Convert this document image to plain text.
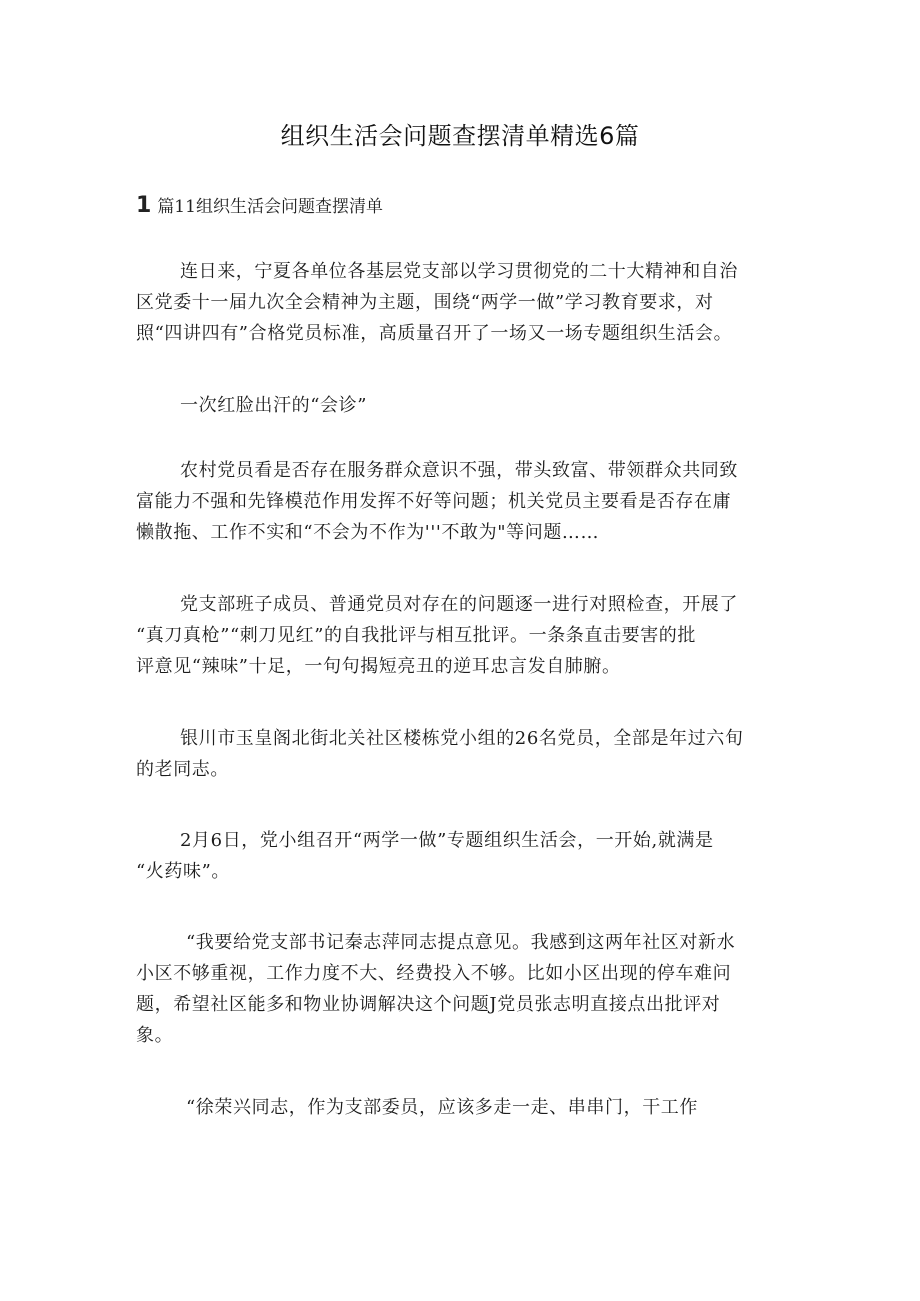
组织生活会问题查摆清单精选6篇
1 篇11组织生活会问题查摆清单

连日来，宁夏各单位各基层党支部以学习贯彻党的二十大精神和自治
区党委十一届九次全会精神为主题，围绕“两学一做”学习教育要求，对
照“四讲四有”合格党员标准，高质量召开了一场又一场专题组织生活会。

一次红脸出汗的“会诊”

农村党员看是否存在服务群众意识不强，带头致富、带领群众共同致
富能力不强和先锋模范作用发挥不好等问题；机关党员主要看是否存在庸
懒散拖、工作不实和“不会为不作为'''不敢为"等问题……

党支部班子成员、普通党员对存在的问题逐一进行对照检查，开展了
“真刀真枪”“刺刀见红”的自我批评与相互批评。一条条直击要害的批
评意见“辣味”十足，一句句揭短亮丑的逆耳忠言发自肺腑。

银川市玉皇阁北街北关社区楼栋党小组的26名党员，全部是年过六旬
的老同志。

2月6日，党小组召开“两学一做”专题组织生活会，一开始,就满是
“火药味”。

“我要给党支部书记秦志萍同志提点意见。我感到这两年社区对新水
小区不够重视，工作力度不大、经费投入不够。比如小区出现的停车难问
题，希望社区能多和物业协调解决这个问题J党员张志明直接点出批评对
象。

“徐荣兴同志，作为支部委员，应该多走一走、串串门，干工作
